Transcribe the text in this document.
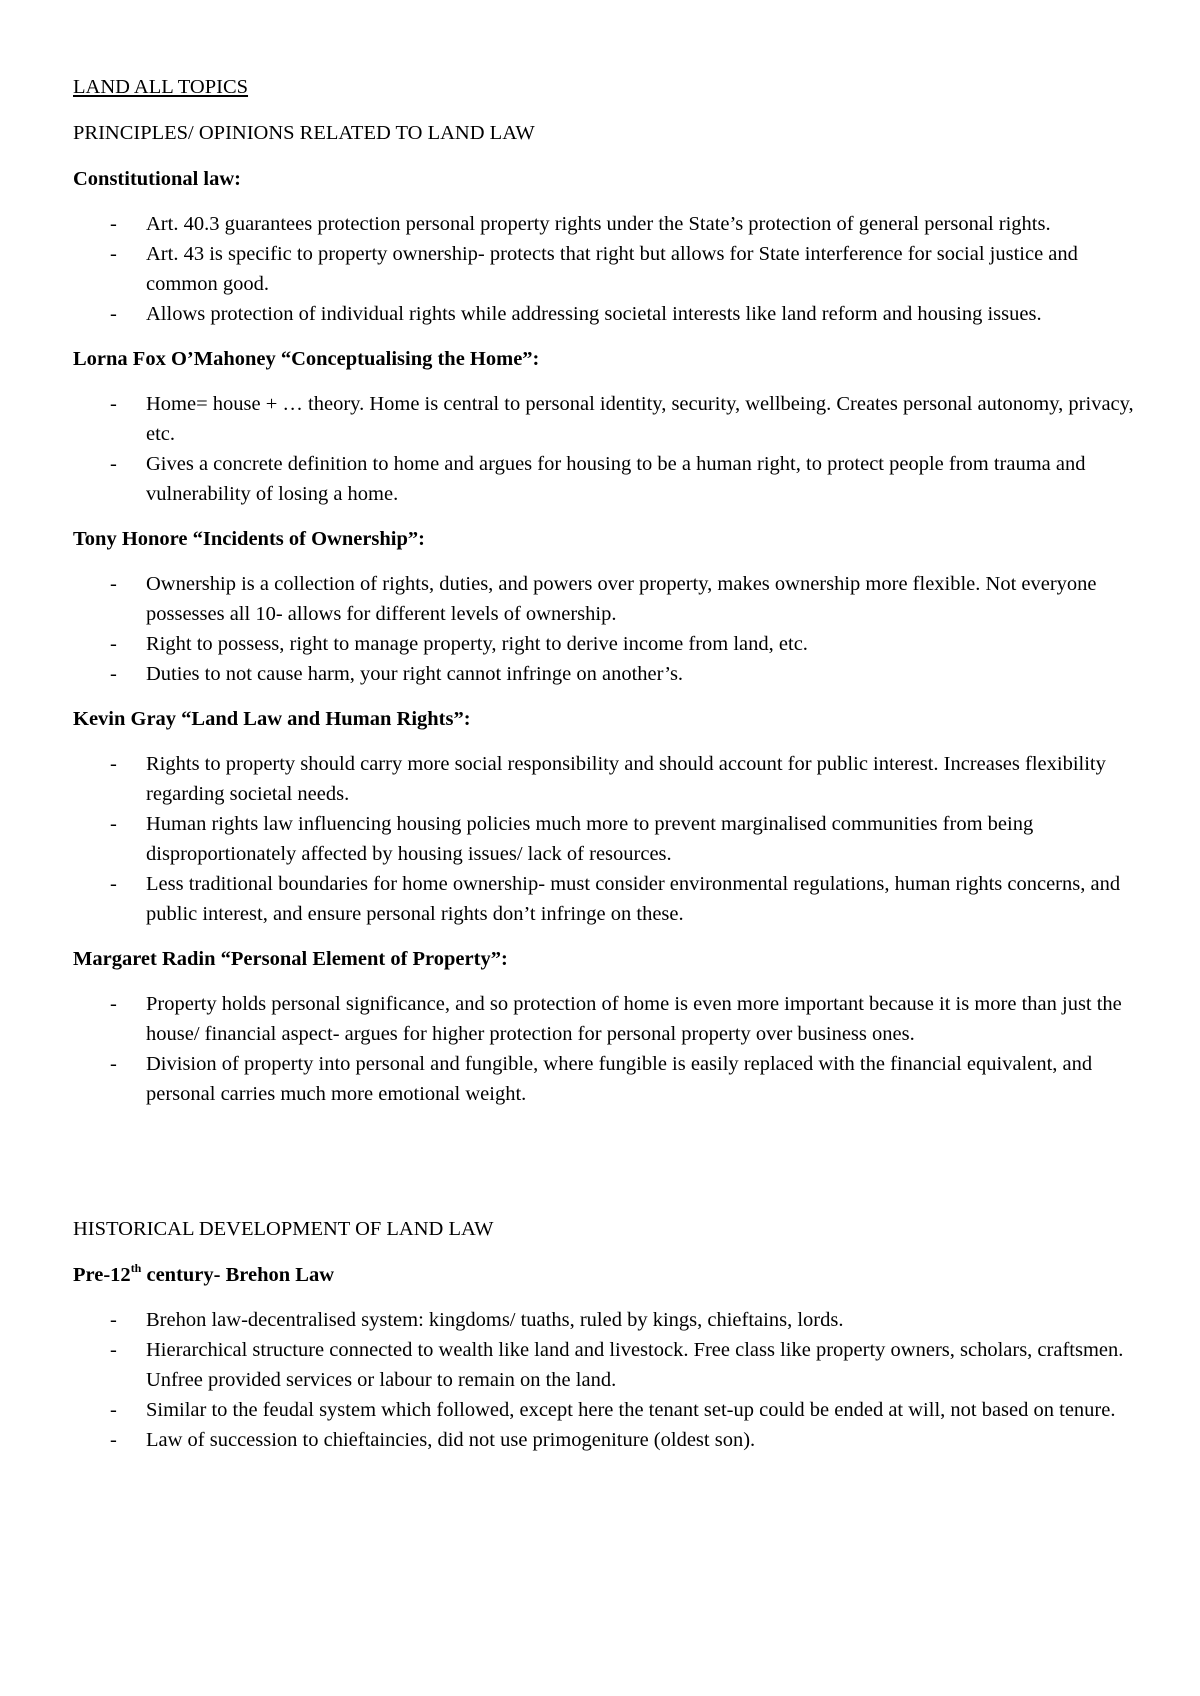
LAND ALL TOPICS
PRINCIPLES/ OPINIONS RELATED TO LAND LAW
Constitutional law:
- Art. 40.3 guarantees protection personal property rights under the State’s protection of general personal rights.
- Art. 43 is specific to property ownership- protects that right but allows for State interference for social justice and common good.
- Allows protection of individual rights while addressing societal interests like land reform and housing issues.
Lorna Fox O’Mahoney “Conceptualising the Home”:
- Home= house + … theory. Home is central to personal identity, security, wellbeing. Creates personal autonomy, privacy, etc.
- Gives a concrete definition to home and argues for housing to be a human right, to protect people from trauma and vulnerability of losing a home.
Tony Honore “Incidents of Ownership”:
- Ownership is a collection of rights, duties, and powers over property, makes ownership more flexible. Not everyone possesses all 10- allows for different levels of ownership.
- Right to possess, right to manage property, right to derive income from land, etc.
- Duties to not cause harm, your right cannot infringe on another’s.
Kevin Gray “Land Law and Human Rights”:
- Rights to property should carry more social responsibility and should account for public interest. Increases flexibility regarding societal needs.
- Human rights law influencing housing policies much more to prevent marginalised communities from being disproportionately affected by housing issues/ lack of resources.
- Less traditional boundaries for home ownership- must consider environmental regulations, human rights concerns, and public interest, and ensure personal rights don’t infringe on these.
Margaret Radin “Personal Element of Property”:
- Property holds personal significance, and so protection of home is even more important because it is more than just the house/ financial aspect- argues for higher protection for personal property over business ones.
- Division of property into personal and fungible, where fungible is easily replaced with the financial equivalent, and personal carries much more emotional weight.
HISTORICAL DEVELOPMENT OF LAND LAW
Pre-12th century- Brehon Law
- Brehon law-decentralised system: kingdoms/ tuaths, ruled by kings, chieftains, lords.
- Hierarchical structure connected to wealth like land and livestock. Free class like property owners, scholars, craftsmen. Unfree provided services or labour to remain on the land.
- Similar to the feudal system which followed, except here the tenant set-up could be ended at will, not based on tenure.
- Law of succession to chieftaincies, did not use primogeniture (oldest son).
